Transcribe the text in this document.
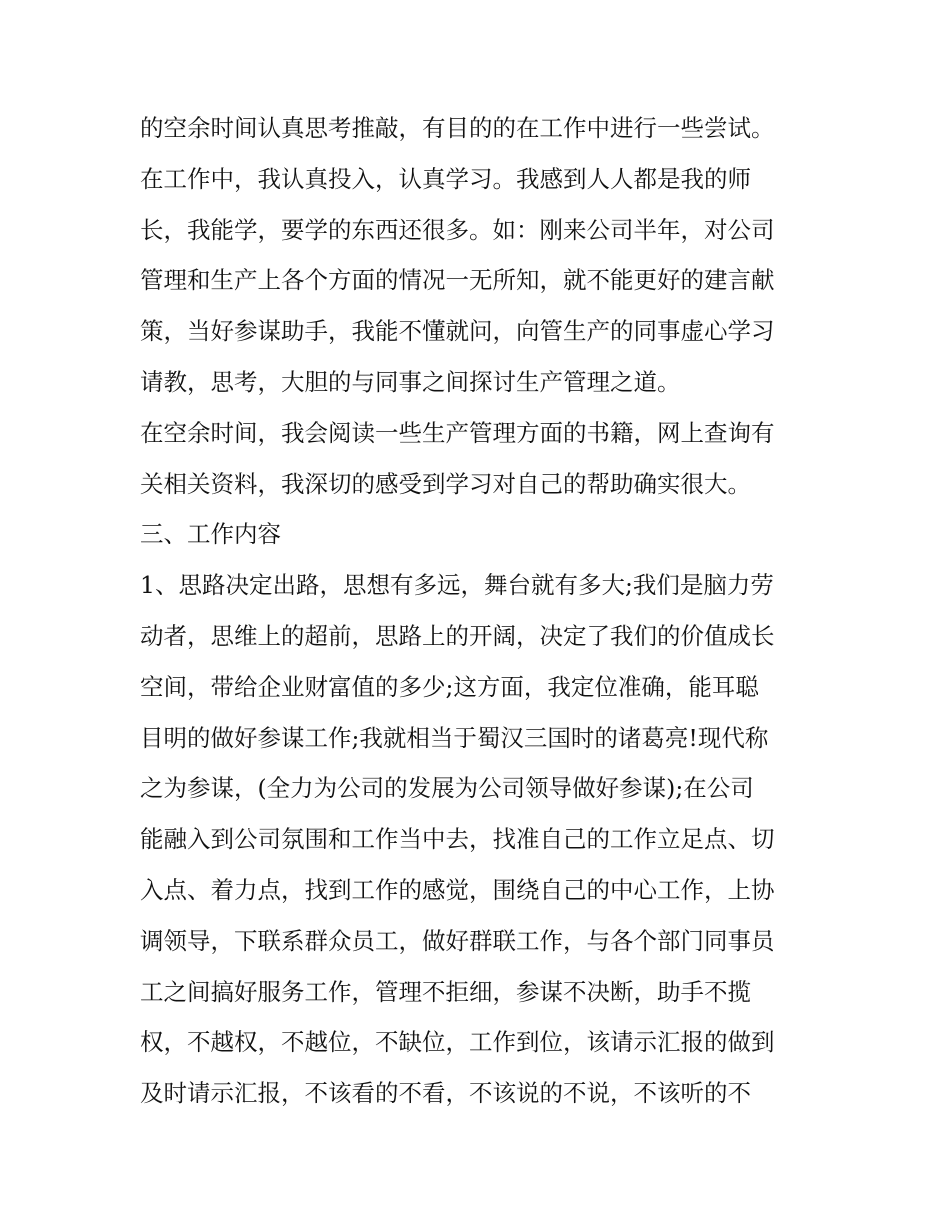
的空余时间认真思考推敲，有目的的在工作中进行一些尝试。
在工作中，我认真投入，认真学习。我感到人人都是我的师
长，我能学，要学的东西还很多。如：刚来公司半年，对公司
管理和生产上各个方面的情况一无所知，就不能更好的建言献
策，当好参谋助手，我能不懂就问，向管生产的同事虚心学习
请教，思考，大胆的与同事之间探讨生产管理之道。
在空余时间，我会阅读一些生产管理方面的书籍，网上查询有
关相关资料，我深切的感受到学习对自己的帮助确实很大。
三、工作内容
1、思路决定出路，思想有多远，舞台就有多大;我们是脑力劳
动者，思维上的超前，思路上的开阔，决定了我们的价值成长
空间，带给企业财富值的多少;这方面，我定位准确，能耳聪
目明的做好参谋工作;我就相当于蜀汉三国时的诸葛亮!现代称
之为参谋，(全力为公司的发展为公司领导做好参谋);在公司
能融入到公司氛围和工作当中去，找准自己的工作立足点、切
入点、着力点，找到工作的感觉，围绕自己的中心工作，上协
调领导，下联系群众员工，做好群联工作，与各个部门同事员
工之间搞好服务工作，管理不拒细，参谋不决断，助手不揽
权，不越权，不越位，不缺位，工作到位，该请示汇报的做到
及时请示汇报，不该看的不看，不该说的不说，不该听的不
